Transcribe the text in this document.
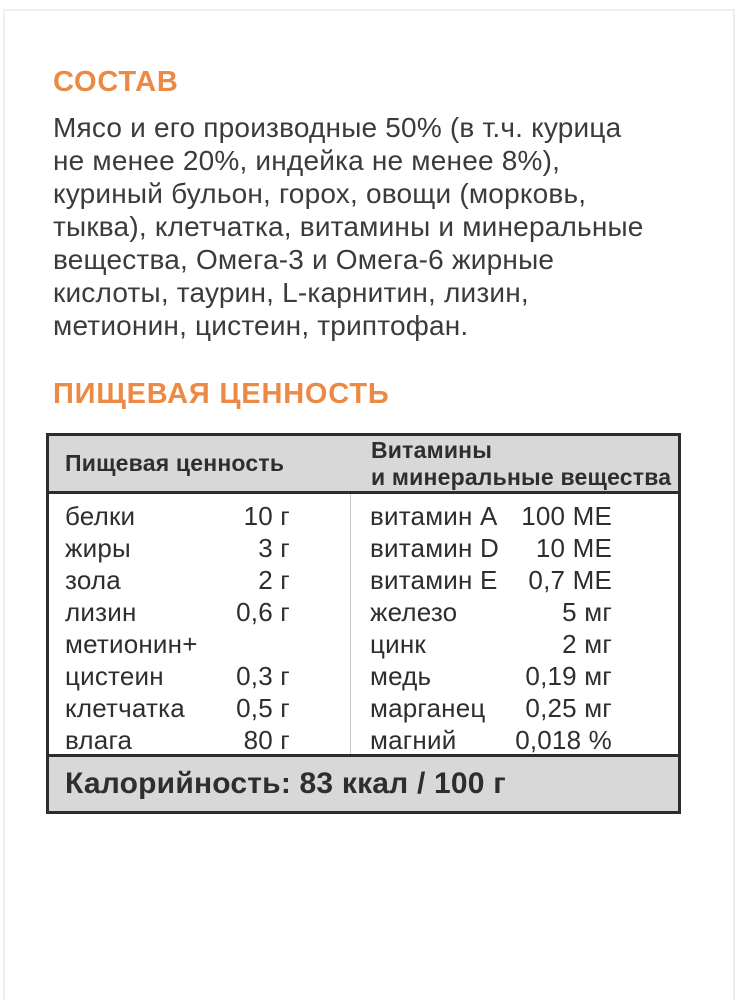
СОСТАВ
Мясо и его производные 50% (в т.ч. курица
не менее 20%, индейка не менее 8%),
куриный бульон, горох, овощи (морковь,
тыква), клетчатка, витамины и минеральные
вещества, Омега-3 и Омега-6 жирные
кислоты, таурин, L-карнитин, лизин,
метионин, цистеин, триптофан.
ПИЩЕВАЯ ЦЕННОСТЬ
Пищевая ценность
Витамины
и минеральные вещества
белки	10 г
жиры	3 г
зола	2 г
лизин	0,6 г
метионин+
цистеин	0,3 г
клетчатка 0,5 г
влага	80 г
витамин A 100 МЕ
витамин D 10 МЕ
витамин E 0,7 МЕ
железо	5 мг
цинк	2 мг
медь	0,19 мг
марганец 0,25 мг
магний 0,018 %
Калорийность: 83 ккал / 100 г
